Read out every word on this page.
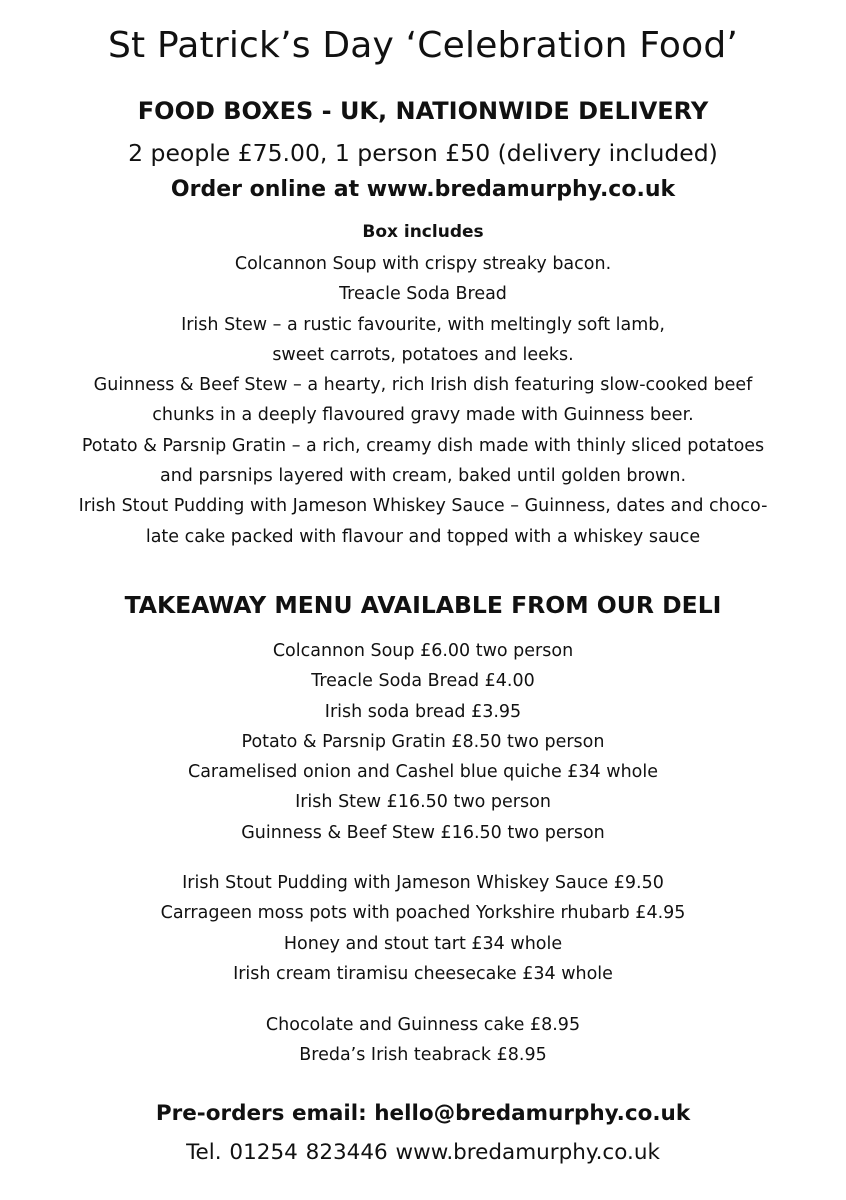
St Patrick’s Day ‘Celebration Food’
FOOD BOXES - UK, NATIONWIDE DELIVERY
2 people £75.00, 1 person £50 (delivery included)
Order online at www.bredamurphy.co.uk
Box includes
Colcannon Soup with crispy streaky bacon.
Treacle Soda Bread
Irish Stew – a rustic favourite, with meltingly soft lamb,
sweet carrots, potatoes and leeks.
Guinness & Beef Stew – a hearty, rich Irish dish featuring slow-cooked beef
chunks in a deeply flavoured gravy made with Guinness beer.
Potato & Parsnip Gratin – a rich, creamy dish made with thinly sliced potatoes
and parsnips layered with cream, baked until golden brown.
Irish Stout Pudding with Jameson Whiskey Sauce – Guinness, dates and choco-
late cake packed with flavour and topped with a whiskey sauce
TAKEAWAY MENU AVAILABLE FROM OUR DELI
Colcannon Soup £6.00 two person
Treacle Soda Bread £4.00
Irish soda bread £3.95
Potato & Parsnip Gratin £8.50 two person
Caramelised onion and Cashel blue quiche £34 whole
Irish Stew £16.50 two person
Guinness & Beef Stew £16.50 two person
Irish Stout Pudding with Jameson Whiskey Sauce £9.50
Carrageen moss pots with poached Yorkshire rhubarb £4.95
Honey and stout tart £34 whole
Irish cream tiramisu cheesecake £34 whole
Chocolate and Guinness cake £8.95
Breda’s Irish teabrack £8.95
Pre-orders email: hello@bredamurphy.co.uk
Tel. 01254 823446 www.bredamurphy.co.uk
